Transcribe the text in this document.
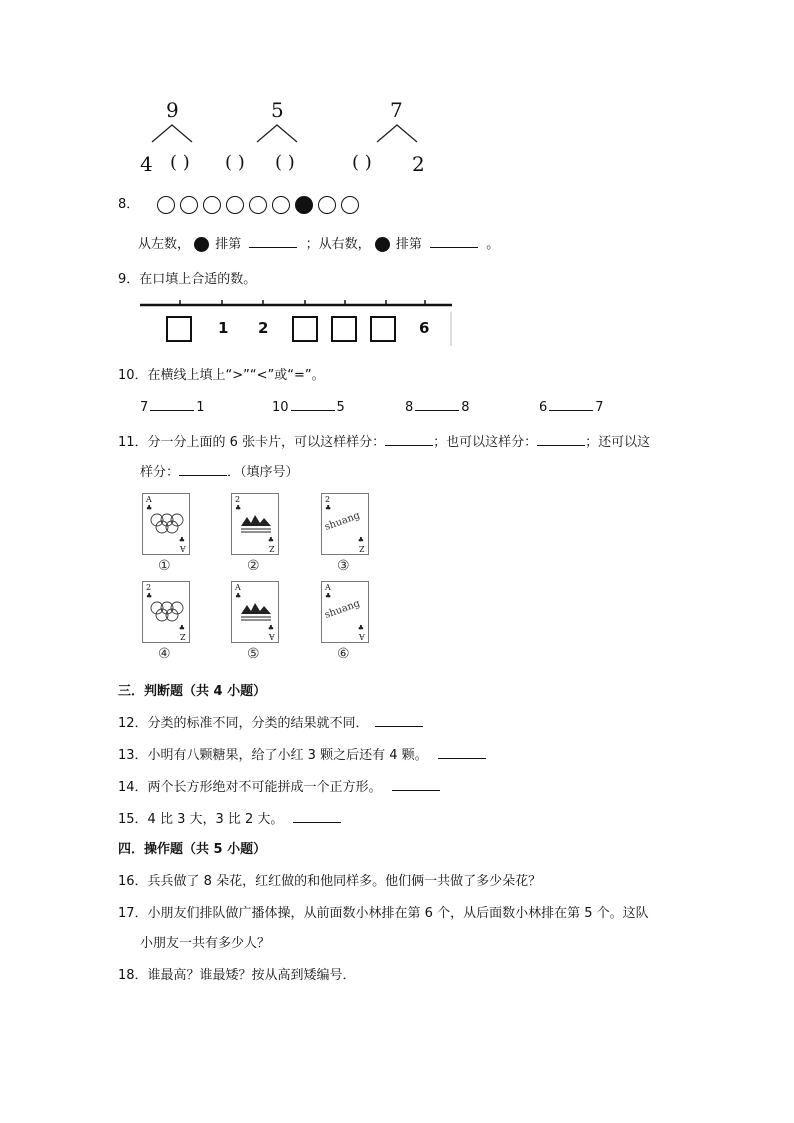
9	5	7
4 ( ) ( ) ( )	( ) 2
8．
从左数， 排第	；从右数， 排第	。
9．在口填上合适的数。
1 2	6
10．在横线上填上“>”“<”或“=”。
7	1	10	5	8	8	6	7
11．分一分上面的 6 张卡片，可以这样样分：	；也可以这样分：	；还可以这
样分：	．（填序号）
A
♣
♣
A
2
♣
♣
Z
2
♣
shuang
♣
Z
①	②	③
2
♣
♣
Z
A
♣
♣
A
A
♣
shuang
♣
A
④	⑤	⑥
三．判断题（共 4 小题）
12．分类的标准不同，分类的结果就不同．
13．小明有八颗糖果，给了小红 3 颗之后还有 4 颗。
14．两个长方形绝对不可能拼成一个正方形。
15．4 比 3 大，3 比 2 大。
四．操作题（共 5 小题）
16．兵兵做了 8 朵花，红红做的和他同样多。他们俩一共做了多少朵花？
17．小朋友们排队做广播体操，从前面数小林排在第 6 个，从后面数小林排在第 5 个。这队
小朋友一共有多少人？
18．谁最高？谁最矮？按从高到矮编号．
